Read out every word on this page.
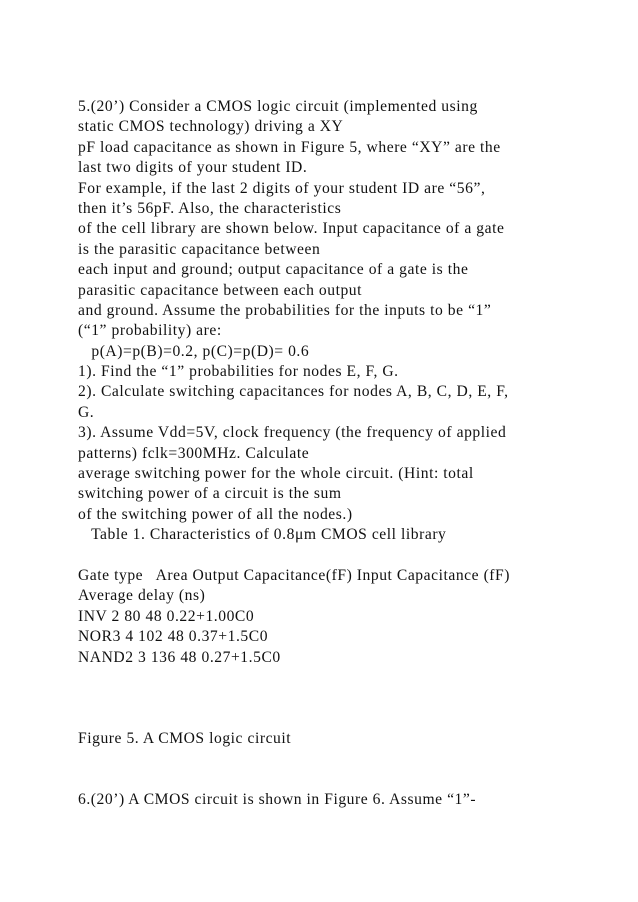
5.(20’) Consider a CMOS logic circuit (implemented using
static CMOS technology) driving a XY
pF load capacitance as shown in Figure 5, where “XY” are the
last two digits of your student ID.
For example, if the last 2 digits of your student ID are “56”,
then it’s 56pF. Also, the characteristics
of the cell library are shown below. Input capacitance of a gate
is the parasitic capacitance between
each input and ground; output capacitance of a gate is the
parasitic capacitance between each output
and ground. Assume the probabilities for the inputs to be “1”
(“1” probability) are:
p(A)=p(B)=0.2, p(C)=p(D)= 0.6
1). Find the “1” probabilities for nodes E, F, G.
2). Calculate switching capacitances for nodes A, B, C, D, E, F,
G.
3). Assume Vdd=5V, clock frequency (the frequency of applied
patterns) fclk=300MHz. Calculate
average switching power for the whole circuit. (Hint: total
switching power of a circuit is the sum
of the switching power of all the nodes.)
Table 1. Characteristics of 0.8μm CMOS cell library
Gate type   Area Output Capacitance(fF) Input Capacitance (fF)
Average delay (ns)
INV 2 80 48 0.22+1.00C0
NOR3 4 102 48 0.37+1.5C0
NAND2 3 136 48 0.27+1.5C0
Figure 5. A CMOS logic circuit
6.(20’) A CMOS circuit is shown in Figure 6. Assume “1”-
